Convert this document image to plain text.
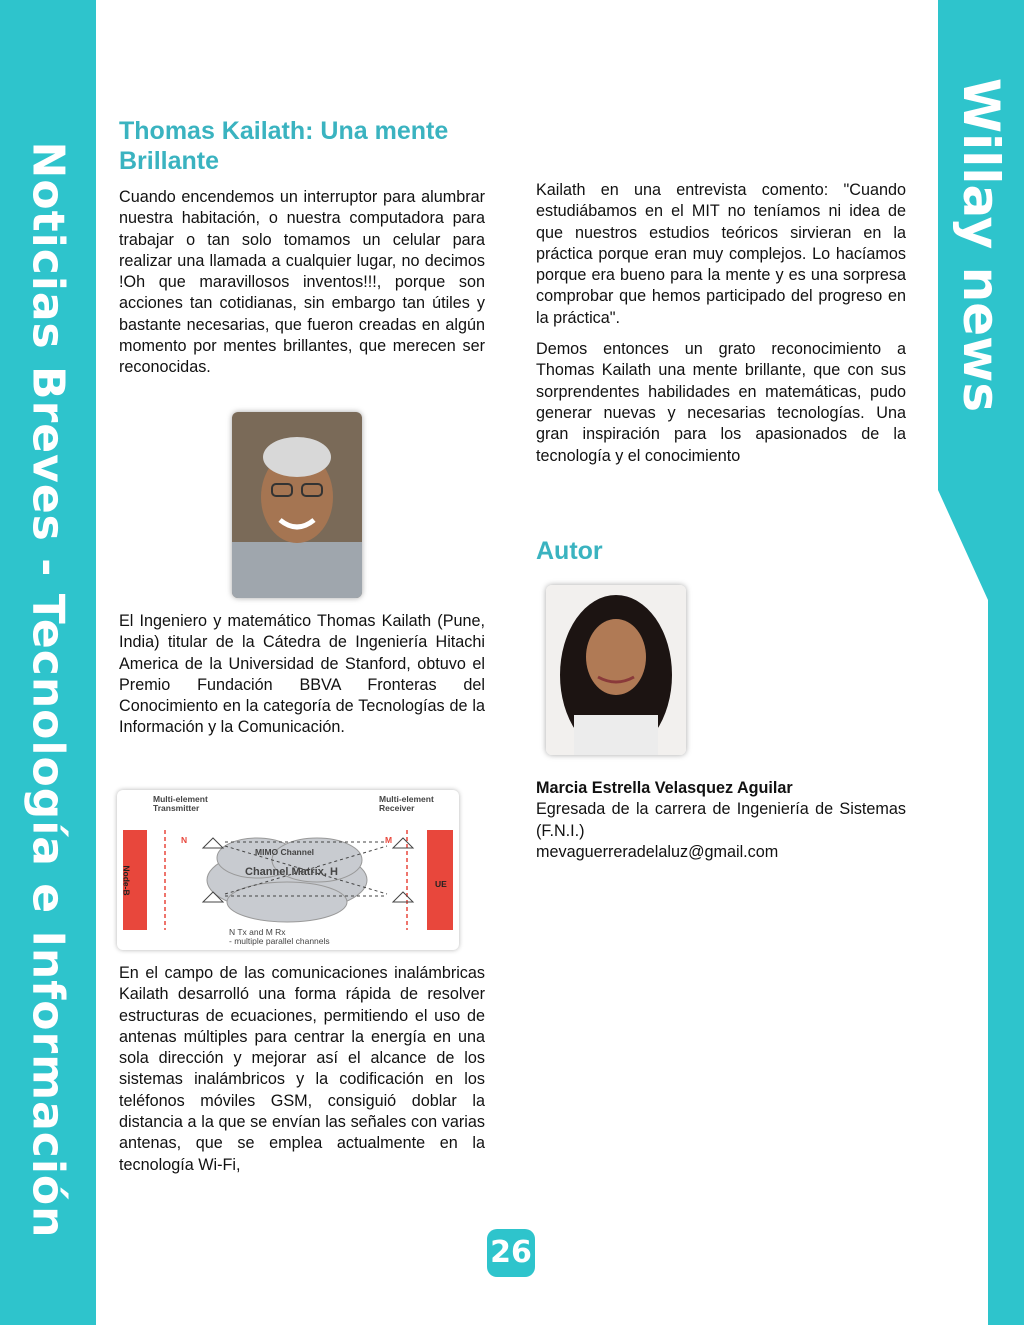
Noticias Breves - Tecnología e Información	Willay news
Thomas Kailath: Una mente Brillante

Cuando encendemos un interruptor para alumbrar nuestra habitación, o nuestra computadora para trabajar o tan solo tomamos un celular para realizar una llamada a cualquier lugar, no decimos !Oh que maravillosos inventos!!!, porque son acciones tan cotidianas, sin embargo tan útiles y bastante necesarias, que fueron creadas en algún momento por mentes brillantes, que merecen ser reconocidas.

El Ingeniero y matemático Thomas Kailath (Pune, India) titular de la Cátedra de Ingeniería Hitachi America de la Universidad de Stanford, obtuvo el Premio Fundación BBVA Fronteras del Conocimiento en la categoría de Tecnologías de la Información y la Comunicación.

Multi-element Transmitter
Multi-element Receiver
N	M
MIMO Channel
Channel Matrix, H
Node-B	UE
N Tx and M Rx
- multiple parallel channels

En el campo de las comunicaciones inalámbricas Kailath desarrolló una forma rápida de resolver estructuras de ecuaciones, permitiendo el uso de antenas múltiples para centrar la energía en una sola dirección y mejorar así el alcance de los sistemas inalámbricos y la codificación en los teléfonos móviles GSM, consiguió doblar la distancia a la que se envían las señales con varias antenas, que se emplea actualmente en la tecnología Wi-Fi,

Kailath en una entrevista comento: "Cuando estudiábamos en el MIT no teníamos ni idea de que nuestros estudios teóricos sirvieran en la práctica porque eran muy complejos. Lo hacíamos porque era bueno para la mente y es una sorpresa comprobar que hemos participado del progreso en la práctica".

Demos entonces un grato reconocimiento a Thomas Kailath una mente brillante, que con sus sorprendentes habilidades en matemáticas, pudo generar nuevas y necesarias tecnologías. Una gran inspiración para los apasionados de la tecnología y el conocimiento

Autor

Marcia Estrella Velasquez Aguilar

Egresada de la carrera de Ingeniería de Sistemas (F.N.I.)

mevaguerreradelaluz@gmail.com

26
